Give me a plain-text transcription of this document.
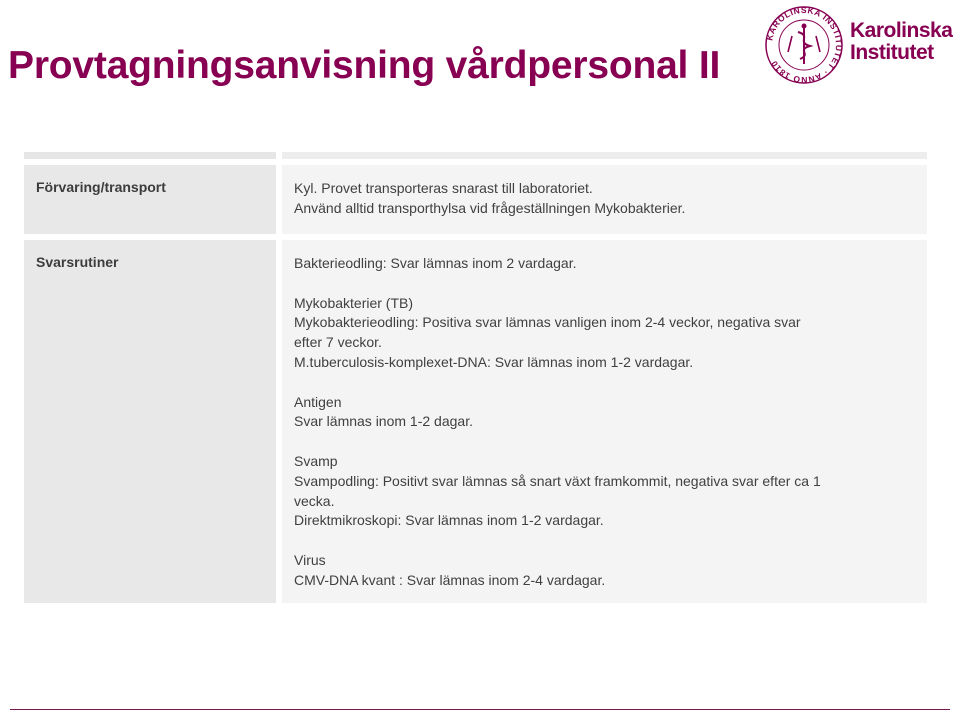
Provtagningsanvisning vårdpersonal II
KAROLINSKA INSTITUTET · ANNO 1810
Karolinska
Institutet
Förvaring/transport	Kyl. Provet transporteras snarast till laboratoriet.
Använd alltid transporthylsa vid frågeställningen Mykobakterier.
Svarsrutiner	Bakterieodling: Svar lämnas inom 2 vardagar.
Mykobakterier (TB)
Mykobakterieodling: Positiva svar lämnas vanligen inom 2-4 veckor, negativa svar
efter 7 veckor.
M.tuberculosis-komplexet-DNA: Svar lämnas inom 1-2 vardagar.
Antigen
Svar lämnas inom 1-2 dagar.
Svamp
Svampodling: Positivt svar lämnas så snart växt framkommit, negativa svar efter ca 1
vecka.
Direktmikroskopi: Svar lämnas inom 1-2 vardagar.
Virus
CMV-DNA kvant : Svar lämnas inom 2-4 vardagar.
